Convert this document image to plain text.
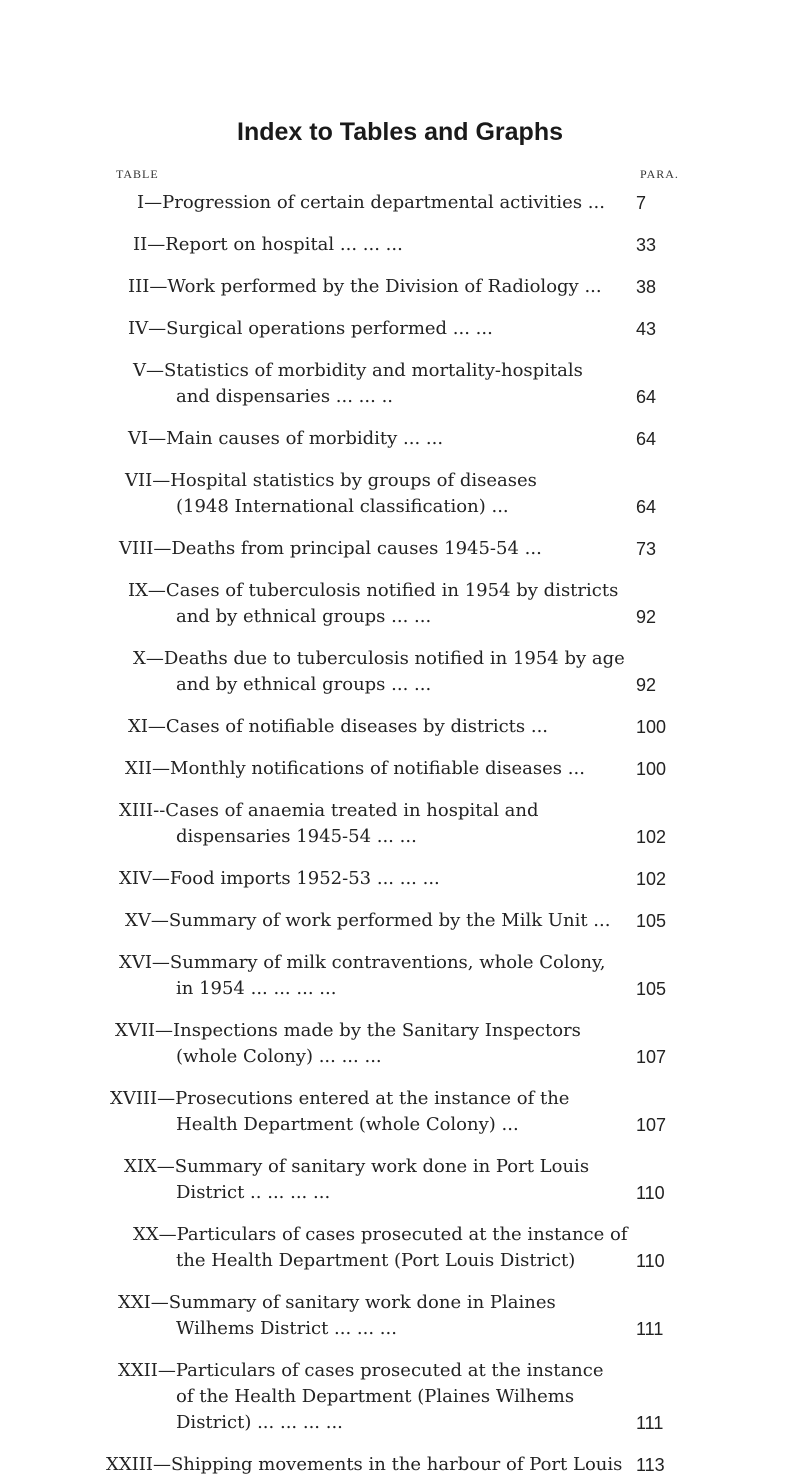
Index to Tables and Graphs
TABLE	PARA.
I—Progression of certain departmental activities ...	7
II—Report on hospital ... ... ...	33
III—Work performed by the Division of Radiology ...	38
IV—Surgical operations performed ... ...	43
V—Statistics of morbidity and mortality-hospitals
and dispensaries ... ... ..	64
VI—Main causes of morbidity ... ...	64
VII—Hospital statistics by groups of diseases
(1948 International classification) ...	64
VIII—Deaths from principal causes 1945-54 ...	73
IX—Cases of tuberculosis notified in 1954 by districts
and by ethnical groups ... ...	92
X—Deaths due to tuberculosis notified in 1954 by age
and by ethnical groups ... ...	92
XI—Cases of notifiable diseases by districts ...	100
XII—Monthly notifications of notifiable diseases ...	100
XIII--Cases of anaemia treated in hospital and
dispensaries 1945-54 ... ...	102
XIV—Food imports 1952-53 ... ... ...	102
XV—Summary of work performed by the Milk Unit ...	105
XVI—Summary of milk contraventions, whole Colony,
in 1954 ... ... ... ...	105
XVII—Inspections made by the Sanitary Inspectors
(whole Colony) ... ... ...	107
XVIII—Prosecutions entered at the instance of the
Health Department (whole Colony) ...	107
XIX—Summary of sanitary work done in Port Louis
District .. ... ... ...	110
XX—Particulars of cases prosecuted at the instance of
the Health Department (Port Louis District)	110
XXI—Summary of sanitary work done in Plaines
Wilhems District ... ... ...	111
XXII—Particulars of cases prosecuted at the instance
of the Health Department (Plaines Wilhems
District) ... ... ... ...	111
XXIII—Shipping movements in the harbour of Port Louis 113
